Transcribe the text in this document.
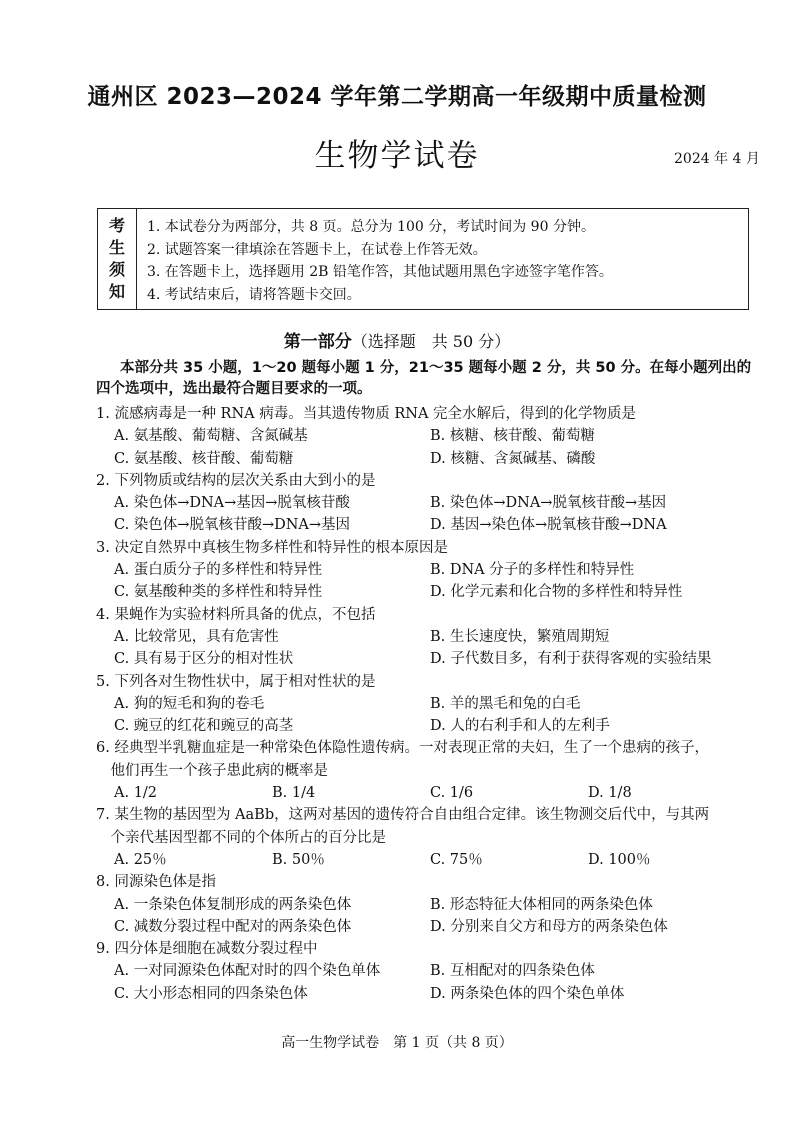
通州区 2023—2024 学年第二学期高一年级期中质量检测
生物学试卷	2024 年 4 月
考
生
须
知
1. 本试卷分为两部分，共 8 页。总分为 100 分，考试时间为 90 分钟。
2. 试题答案一律填涂在答题卡上，在试卷上作答无效。
3. 在答题卡上，选择题用 2B 铅笔作答，其他试题用黑色字迹签字笔作答。
4. 考试结束后，请将答题卡交回。
第一部分（选择题　共 50 分）
本部分共 35 小题，1～20 题每小题 1 分，21～35 题每小题 2 分，共 50 分。在每小题列出的
四个选项中，选出最符合题目要求的一项。
1. 流感病毒是一种 RNA 病毒。当其遗传物质 RNA 完全水解后，得到的化学物质是
A. 氨基酸、葡萄糖、含氮碱基	B. 核糖、核苷酸、葡萄糖
C. 氨基酸、核苷酸、葡萄糖	D. 核糖、含氮碱基、磷酸
2. 下列物质或结构的层次关系由大到小的是
A. 染色体→DNA→基因→脱氧核苷酸	B. 染色体→DNA→脱氧核苷酸→基因
C. 染色体→脱氧核苷酸→DNA→基因	D. 基因→染色体→脱氧核苷酸→DNA
3. 决定自然界中真核生物多样性和特异性的根本原因是
A. 蛋白质分子的多样性和特异性	B. DNA 分子的多样性和特异性
C. 氨基酸种类的多样性和特异性	D. 化学元素和化合物的多样性和特异性
4. 果蝇作为实验材料所具备的优点，不包括
A. 比较常见，具有危害性	B. 生长速度快，繁殖周期短
C. 具有易于区分的相对性状	D. 子代数目多，有利于获得客观的实验结果
5. 下列各对生物性状中，属于相对性状的是
A. 狗的短毛和狗的卷毛	B. 羊的黑毛和兔的白毛
C. 豌豆的红花和豌豆的高茎	D. 人的右利手和人的左利手
6. 经典型半乳糖血症是一种常染色体隐性遗传病。一对表现正常的夫妇，生了一个患病的孩子，
　他们再生一个孩子患此病的概率是
A. 1/2	B. 1/4	C. 1/6	D. 1/8
7. 某生物的基因型为 AaBb，这两对基因的遗传符合自由组合定律。该生物测交后代中，与其两
　个亲代基因型都不同的个体所占的百分比是
A. 25％	B. 50％	C. 75％	D. 100％
8. 同源染色体是指
A. 一条染色体复制形成的两条染色体	B. 形态特征大体相同的两条染色体
C. 减数分裂过程中配对的两条染色体	D. 分别来自父方和母方的两条染色体
9. 四分体是细胞在减数分裂过程中
A. 一对同源染色体配对时的四个染色单体	B. 互相配对的四条染色体
C. 大小形态相同的四条染色体	D. 两条染色体的四个染色单体
高一生物学试卷　第 1 页（共 8 页）
